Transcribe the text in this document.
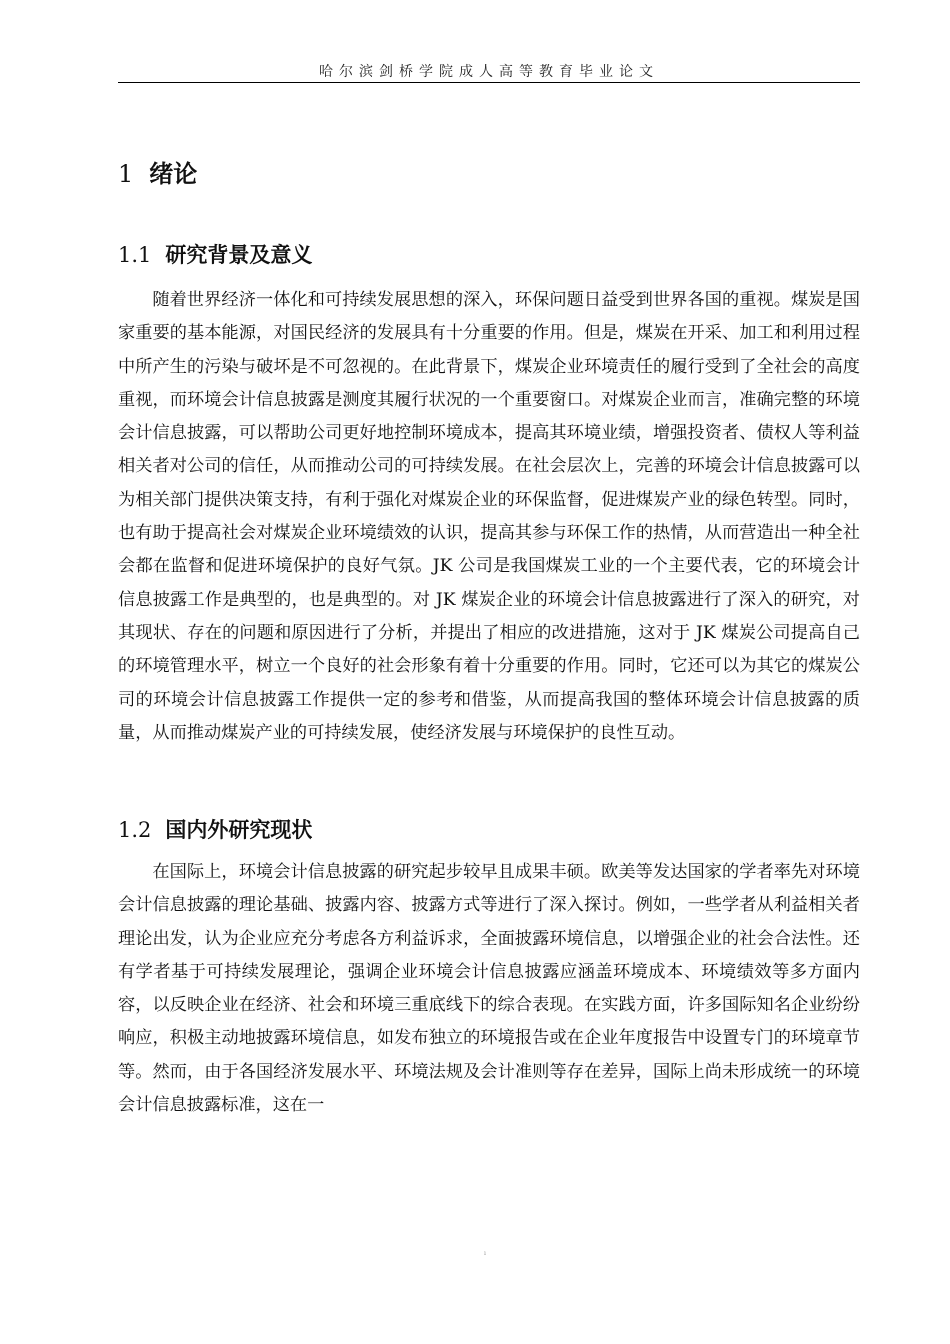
哈尔滨剑桥学院成人高等教育毕业论文
1 绪论
1.1 研究背景及意义

随着世界经济一体化和可持续发展思想的深入，环保问题日益受到世界各国的重视。煤炭是国家重要的基本能源，对国民经济的发展具有十分重要的作用。但是，煤炭在开采、加工和利用过程中所产生的污染与破坏是不可忽视的。在此背景下，煤炭企业环境责任的履行受到了全社会的高度重视，而环境会计信息披露是测度其履行状况的一个重要窗口。对煤炭企业而言，准确完整的环境会计信息披露，可以帮助公司更好地控制环境成本，提高其环境业绩，增强投资者、债权人等利益相关者对公司的信任，从而推动公司的可持续发展。在社会层次上，完善的环境会计信息披露可以为相关部门提供决策支持，有利于强化对煤炭企业的环保监督，促进煤炭产业的绿色转型。同时，也有助于提高社会对煤炭企业环境绩效的认识，提高其参与环保工作的热情，从而营造出一种全社会都在监督和促进环境保护的良好气氛。JK 公司是我国煤炭工业的一个主要代表，它的环境会计信息披露工作是典型的，也是典型的。对 JK 煤炭企业的环境会计信息披露进行了深入的研究，对其现状、存在的问题和原因进行了分析，并提出了相应的改进措施，这对于 JK 煤炭公司提高自己的环境管理水平，树立一个良好的社会形象有着十分重要的作用。同时，它还可以为其它的煤炭公司的环境会计信息披露工作提供一定的参考和借鉴，从而提高我国的整体环境会计信息披露的质量，从而推动煤炭产业的可持续发展，使经济发展与环境保护的良性互动。

1.2 国内外研究现状

在国际上，环境会计信息披露的研究起步较早且成果丰硕。欧美等发达国家的学者率先对环境会计信息披露的理论基础、披露内容、披露方式等进行了深入探讨。例如，一些学者从利益相关者理论出发，认为企业应充分考虑各方利益诉求，全面披露环境信息，以增强企业的社会合法性。还有学者基于可持续发展理论，强调企业环境会计信息披露应涵盖环境成本、环境绩效等多方面内容，以反映企业在经济、社会和环境三重底线下的综合表现。在实践方面，许多国际知名企业纷纷响应，积极主动地披露环境信息，如发布独立的环境报告或在企业年度报告中设置专门的环境章节等。然而，由于各国经济发展水平、环境法规及会计准则等存在差异，国际上尚未形成统一的环境会计信息披露标准，这在一

ı
